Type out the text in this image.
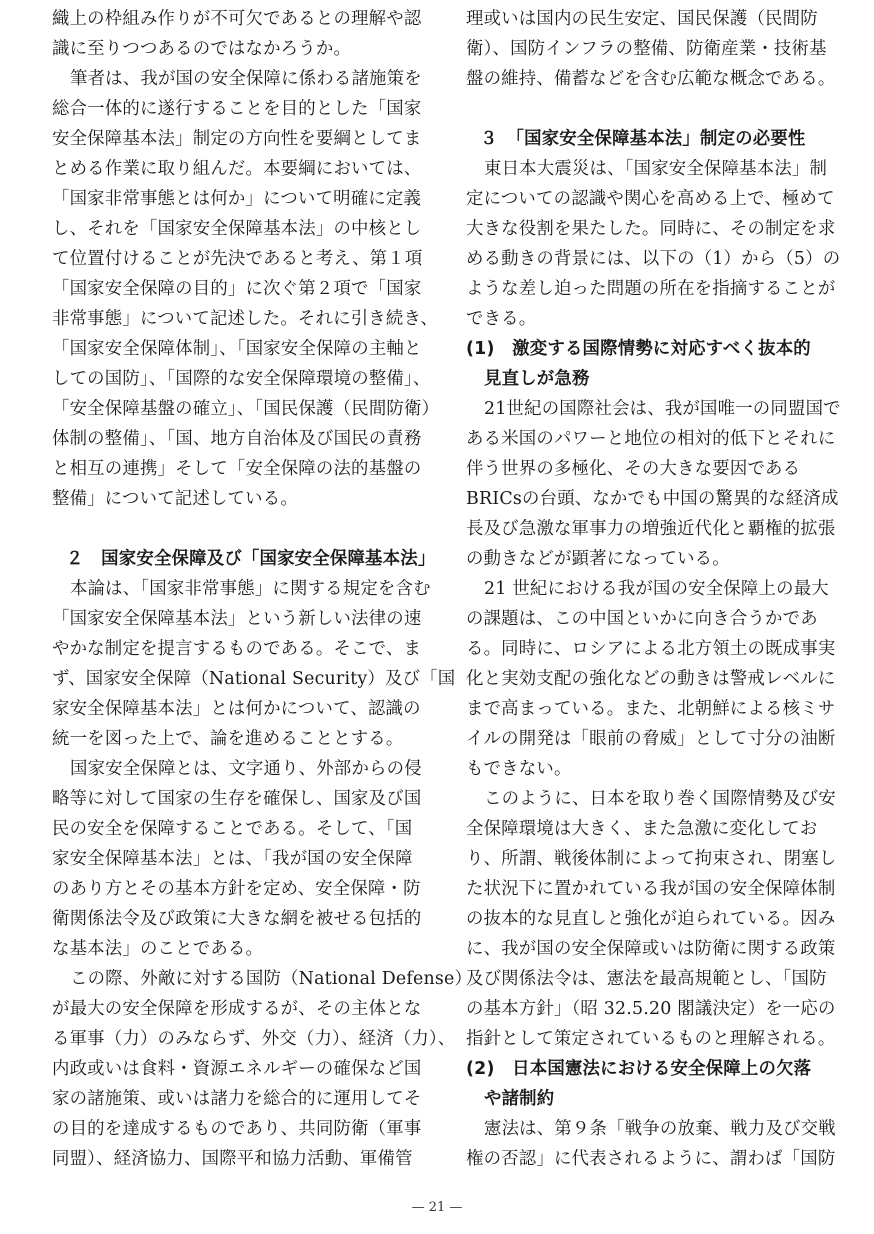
織上の枠組み作りが不可欠であるとの理解や認
識に至りつつあるのではなかろうか。
筆者は、我が国の安全保障に係わる諸施策を
総合一体的に遂行することを目的とした「国家
安全保障基本法」制定の方向性を要綱としてま
とめる作業に取り組んだ。本要綱においては、
「国家非常事態とは何か」について明確に定義
し、それを「国家安全保障基本法」の中核とし
て位置付けることが先決であると考え、第１項
「国家安全保障の目的」に次ぐ第２項で「国家
非常事態」について記述した。それに引き続き、
「国家安全保障体制」、「国家安全保障の主軸と
しての国防」、「国際的な安全保障環境の整備」、
「安全保障基盤の確立」、「国民保護（民間防衛）
体制の整備」、「国、地方自治体及び国民の責務
と相互の連携」そして「安全保障の法的基盤の
整備」について記述している。
２　国家安全保障及び「国家安全保障基本法」
本論は、「国家非常事態」に関する規定を含む
「国家安全保障基本法」という新しい法律の速
やかな制定を提言するものである。そこで、ま
ず、国家安全保障（National Security）及び「国
家安全保障基本法」とは何かについて、認識の
統一を図った上で、論を進めることとする。
国家安全保障とは、文字通り、外部からの侵
略等に対して国家の生存を確保し、国家及び国
民の安全を保障することである。そして、「国
家安全保障基本法」とは、「我が国の安全保障
のあり方とその基本方針を定め、安全保障・防
衛関係法令及び政策に大きな網を被せる包括的
な基本法」のことである。
この際、外敵に対する国防（National Defense）
が最大の安全保障を形成するが、その主体とな
る軍事（力）のみならず、外交（力）、経済（力）、
内政或いは食料・資源エネルギーの確保など国
家の諸施策、或いは諸力を総合的に運用してそ
の目的を達成するものであり、共同防衛（軍事
同盟）、経済協力、国際平和協力活動、軍備管
理或いは国内の民生安定、国民保護（民間防
衛）、国防インフラの整備、防衛産業・技術基
盤の維持、備蓄などを含む広範な概念である。
３　「国家安全保障基本法」制定の必要性
東日本大震災は、「国家安全保障基本法」制
定についての認識や関心を高める上で、極めて
大きな役割を果たした。同時に、その制定を求
める動きの背景には、以下の（1）から（5）の
ような差し迫った問題の所在を指摘することが
できる。
(1)　激変する国際情勢に対応すべく抜本的
見直しが急務
21世紀の国際社会は、我が国唯一の同盟国で
ある米国のパワーと地位の相対的低下とそれに
伴う世界の多極化、その大きな要因である
BRICsの台頭、なかでも中国の驚異的な経済成
長及び急激な軍事力の増強近代化と覇権的拡張
の動きなどが顕著になっている。
21 世紀における我が国の安全保障上の最大
の課題は、この中国といかに向き合うかであ
る。同時に、ロシアによる北方領土の既成事実
化と実効支配の強化などの動きは警戒レベルに
まで高まっている。また、北朝鮮による核ミサ
イルの開発は「眼前の脅威」として寸分の油断
もできない。
このように、日本を取り巻く国際情勢及び安
全保障環境は大きく、また急激に変化してお
り、所謂、戦後体制によって拘束され、閉塞し
た状況下に置かれている我が国の安全保障体制
の抜本的な見直しと強化が迫られている。因み
に、我が国の安全保障或いは防衛に関する政策
及び関係法令は、憲法を最高規範とし、「国防
の基本方針」（昭 32.5.20 閣議決定）を一応の
指針として策定されているものと理解される。
(2)　日本国憲法における安全保障上の欠落
や諸制約
憲法は、第９条「戦争の放棄、戦力及び交戦
権の否認」に代表されるように、謂わば「国防
— 21 —
